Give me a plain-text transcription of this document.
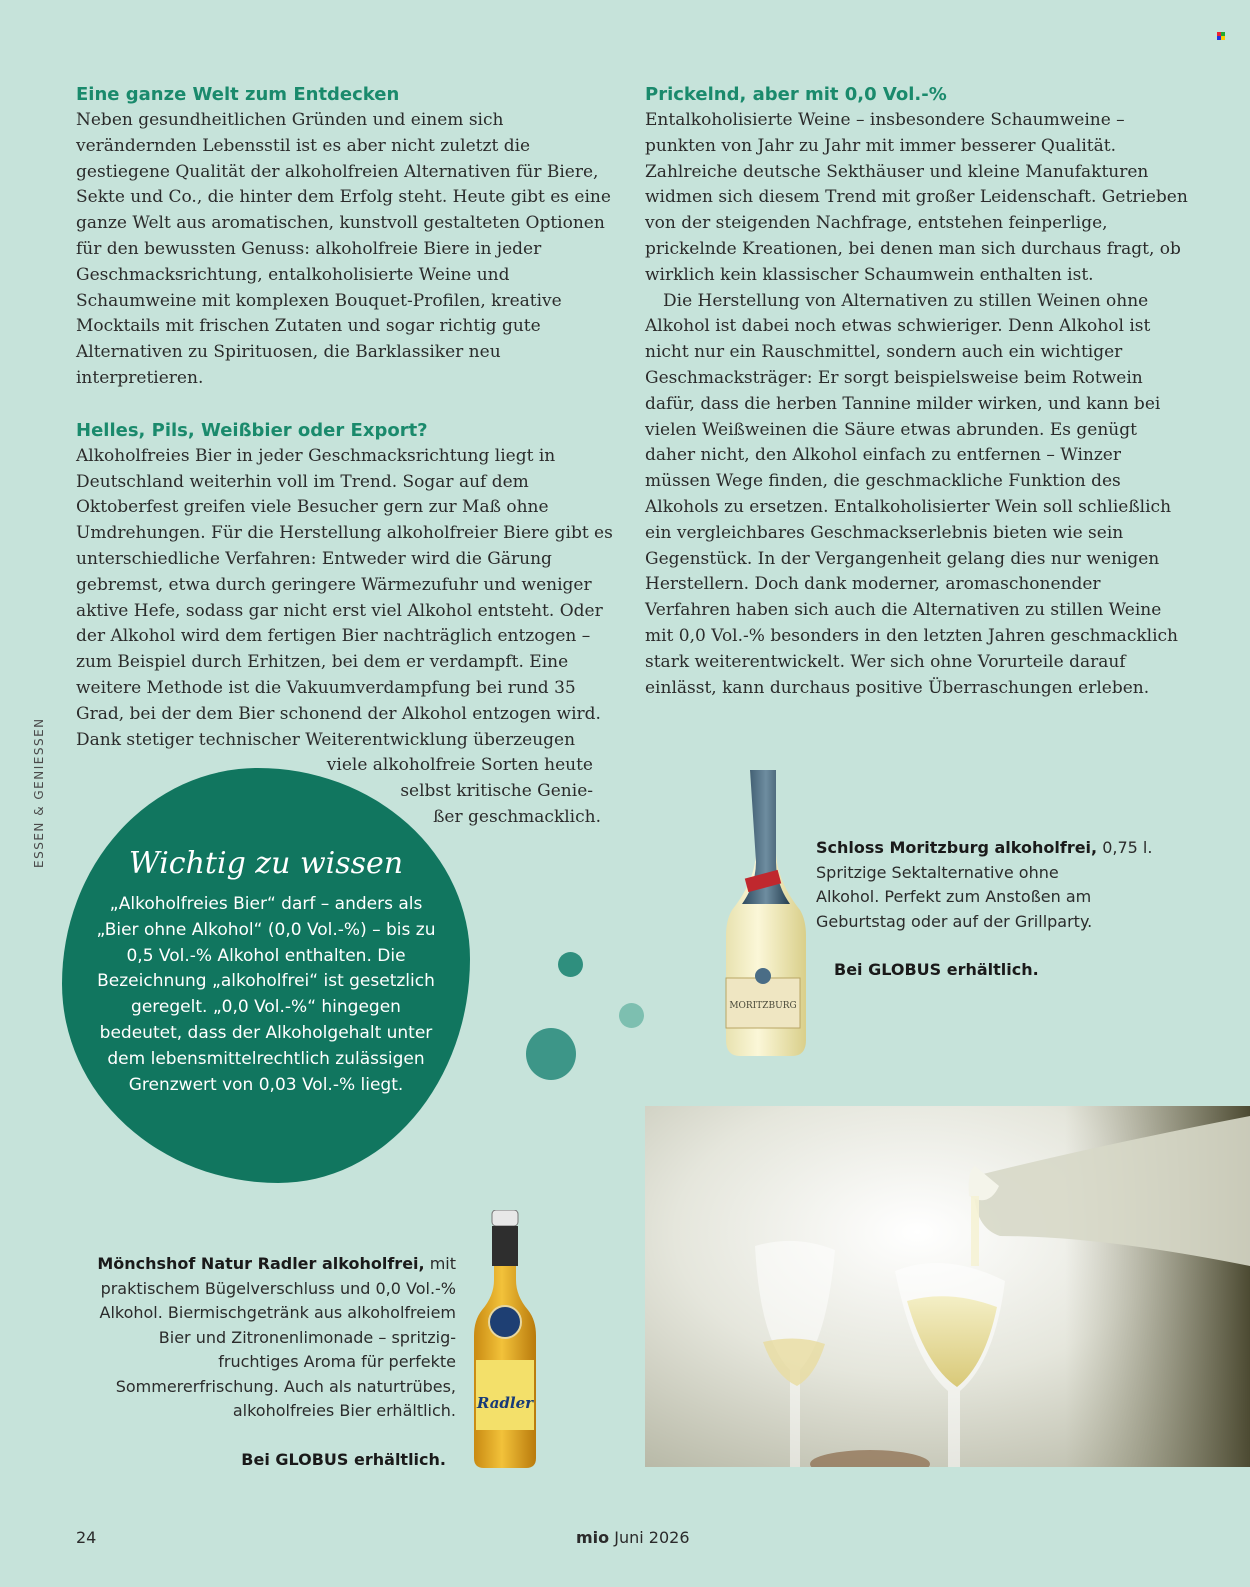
ESSEN & GENIESSEN
Eine ganze Welt zum Entdecken

Neben gesundheitlichen Gründen und einem sich verändernden Lebensstil ist es aber nicht zuletzt die gestiegene Qualität der alkoholfreien Alternativen für Biere, Sekte und Co., die hinter dem Erfolg steht. Heute gibt es eine ganze Welt aus aromatischen, kunstvoll gestalteten Optionen für den bewussten Genuss: alkoholfreie Biere in jeder Geschmacksrichtung, entalkoholisierte Weine und Schaumweine mit komplexen Bouquet-Profilen, kreative Mocktails mit frischen Zutaten und sogar richtig gute Alternativen zu Spirituosen, die Barklassiker neu interpretieren.

Helles, Pils, Weißbier oder Export?

Alkoholfreies Bier in jeder Geschmacksrichtung liegt in Deutschland weiterhin voll im Trend. Sogar auf dem Oktoberfest greifen viele Besucher gern zur Maß ohne Umdrehungen. Für die Herstellung alkoholfreier Biere gibt es unterschiedliche Verfahren: Entweder wird die Gärung gebremst, etwa durch geringere Wärmezufuhr und weniger aktive Hefe, sodass gar nicht erst viel Alkohol entsteht. Oder der Alkohol wird dem fertigen Bier nachträglich entzogen – zum Beispiel durch Erhitzen, bei dem er verdampft. Eine weitere Methode ist die Vakuumverdampfung bei rund 35 Grad, bei der dem Bier schonend der Alkohol entzogen wird. Dank stetiger technischer Weiterentwicklung überzeugen
viele alkoholfreie Sorten heute
selbst kritische Genie-
ßer geschmacklich.

Prickelnd, aber mit 0,0 Vol.-%

Entalkoholisierte Weine – insbesondere Schaumweine – punkten von Jahr zu Jahr mit immer besserer Qualität. Zahlreiche deutsche Sekthäuser und kleine Manufakturen widmen sich diesem Trend mit großer Leidenschaft. Getrieben von der steigenden Nachfrage, entstehen feinperlige, prickelnde Kreationen, bei denen man sich durchaus fragt, ob wirklich kein klassischer Schaumwein enthalten ist.

Die Herstellung von Alternativen zu stillen Weinen ohne Alkohol ist dabei noch etwas schwieriger. Denn Alkohol ist nicht nur ein Rauschmittel, sondern auch ein wichtiger Geschmacksträger: Er sorgt beispielsweise beim Rotwein dafür, dass die herben Tannine milder wirken, und kann bei vielen Weißweinen die Säure etwas abrunden. Es genügt daher nicht, den Alkohol einfach zu entfernen – Winzer müssen Wege finden, die geschmackliche Funktion des Alkohols zu ersetzen. Entalkoholisierter Wein soll schließlich ein vergleichbares Geschmackserlebnis bieten wie sein Gegenstück. In der Vergangenheit gelang dies nur wenigen Herstellern. Doch dank moderner, aromaschonender Verfahren haben sich auch die Alternativen zu stillen Weine mit 0,0 Vol.-% besonders in den letzten Jahren geschmacklich stark weiterentwickelt. Wer sich ohne Vorurteile darauf einlässt, kann durchaus positive Überraschungen erleben.

Wichtig zu wissen
„Alkoholfreies Bier“ darf – anders als „Bier ohne Alkohol“ (0,0 Vol.-%) – bis zu 0,5 Vol.-% Alkohol enthalten. Die Bezeichnung „alkoholfrei“ ist gesetzlich geregelt. „0,0 Vol.-%“ hingegen bedeutet, dass der Alkoholgehalt unter dem lebensmittelrechtlich zulässigen Grenzwert von 0,03 Vol.-% liegt.
MORITZBURG
Schloss Moritzburg alkoholfrei, 0,75 l.

Spritzige Sektalternative ohne Alkohol. Perfekt zum Anstoßen am Geburtstag oder auf der Grillparty.
Bei GLOBUS erhältlich.
Radler
Mönchshof Natur Radler alkoholfrei, mit praktischem Bügelverschluss und 0,0 Vol.-% Alkohol. Biermischgetränk aus alkoholfreiem Bier und Zitronenlimonade – spritzig-fruchtiges Aroma für perfekte Sommererfrischung. Auch als naturtrübes, alkoholfreies Bier erhältlich.
Bei GLOBUS erhältlich.
24	mio Juni 2026
